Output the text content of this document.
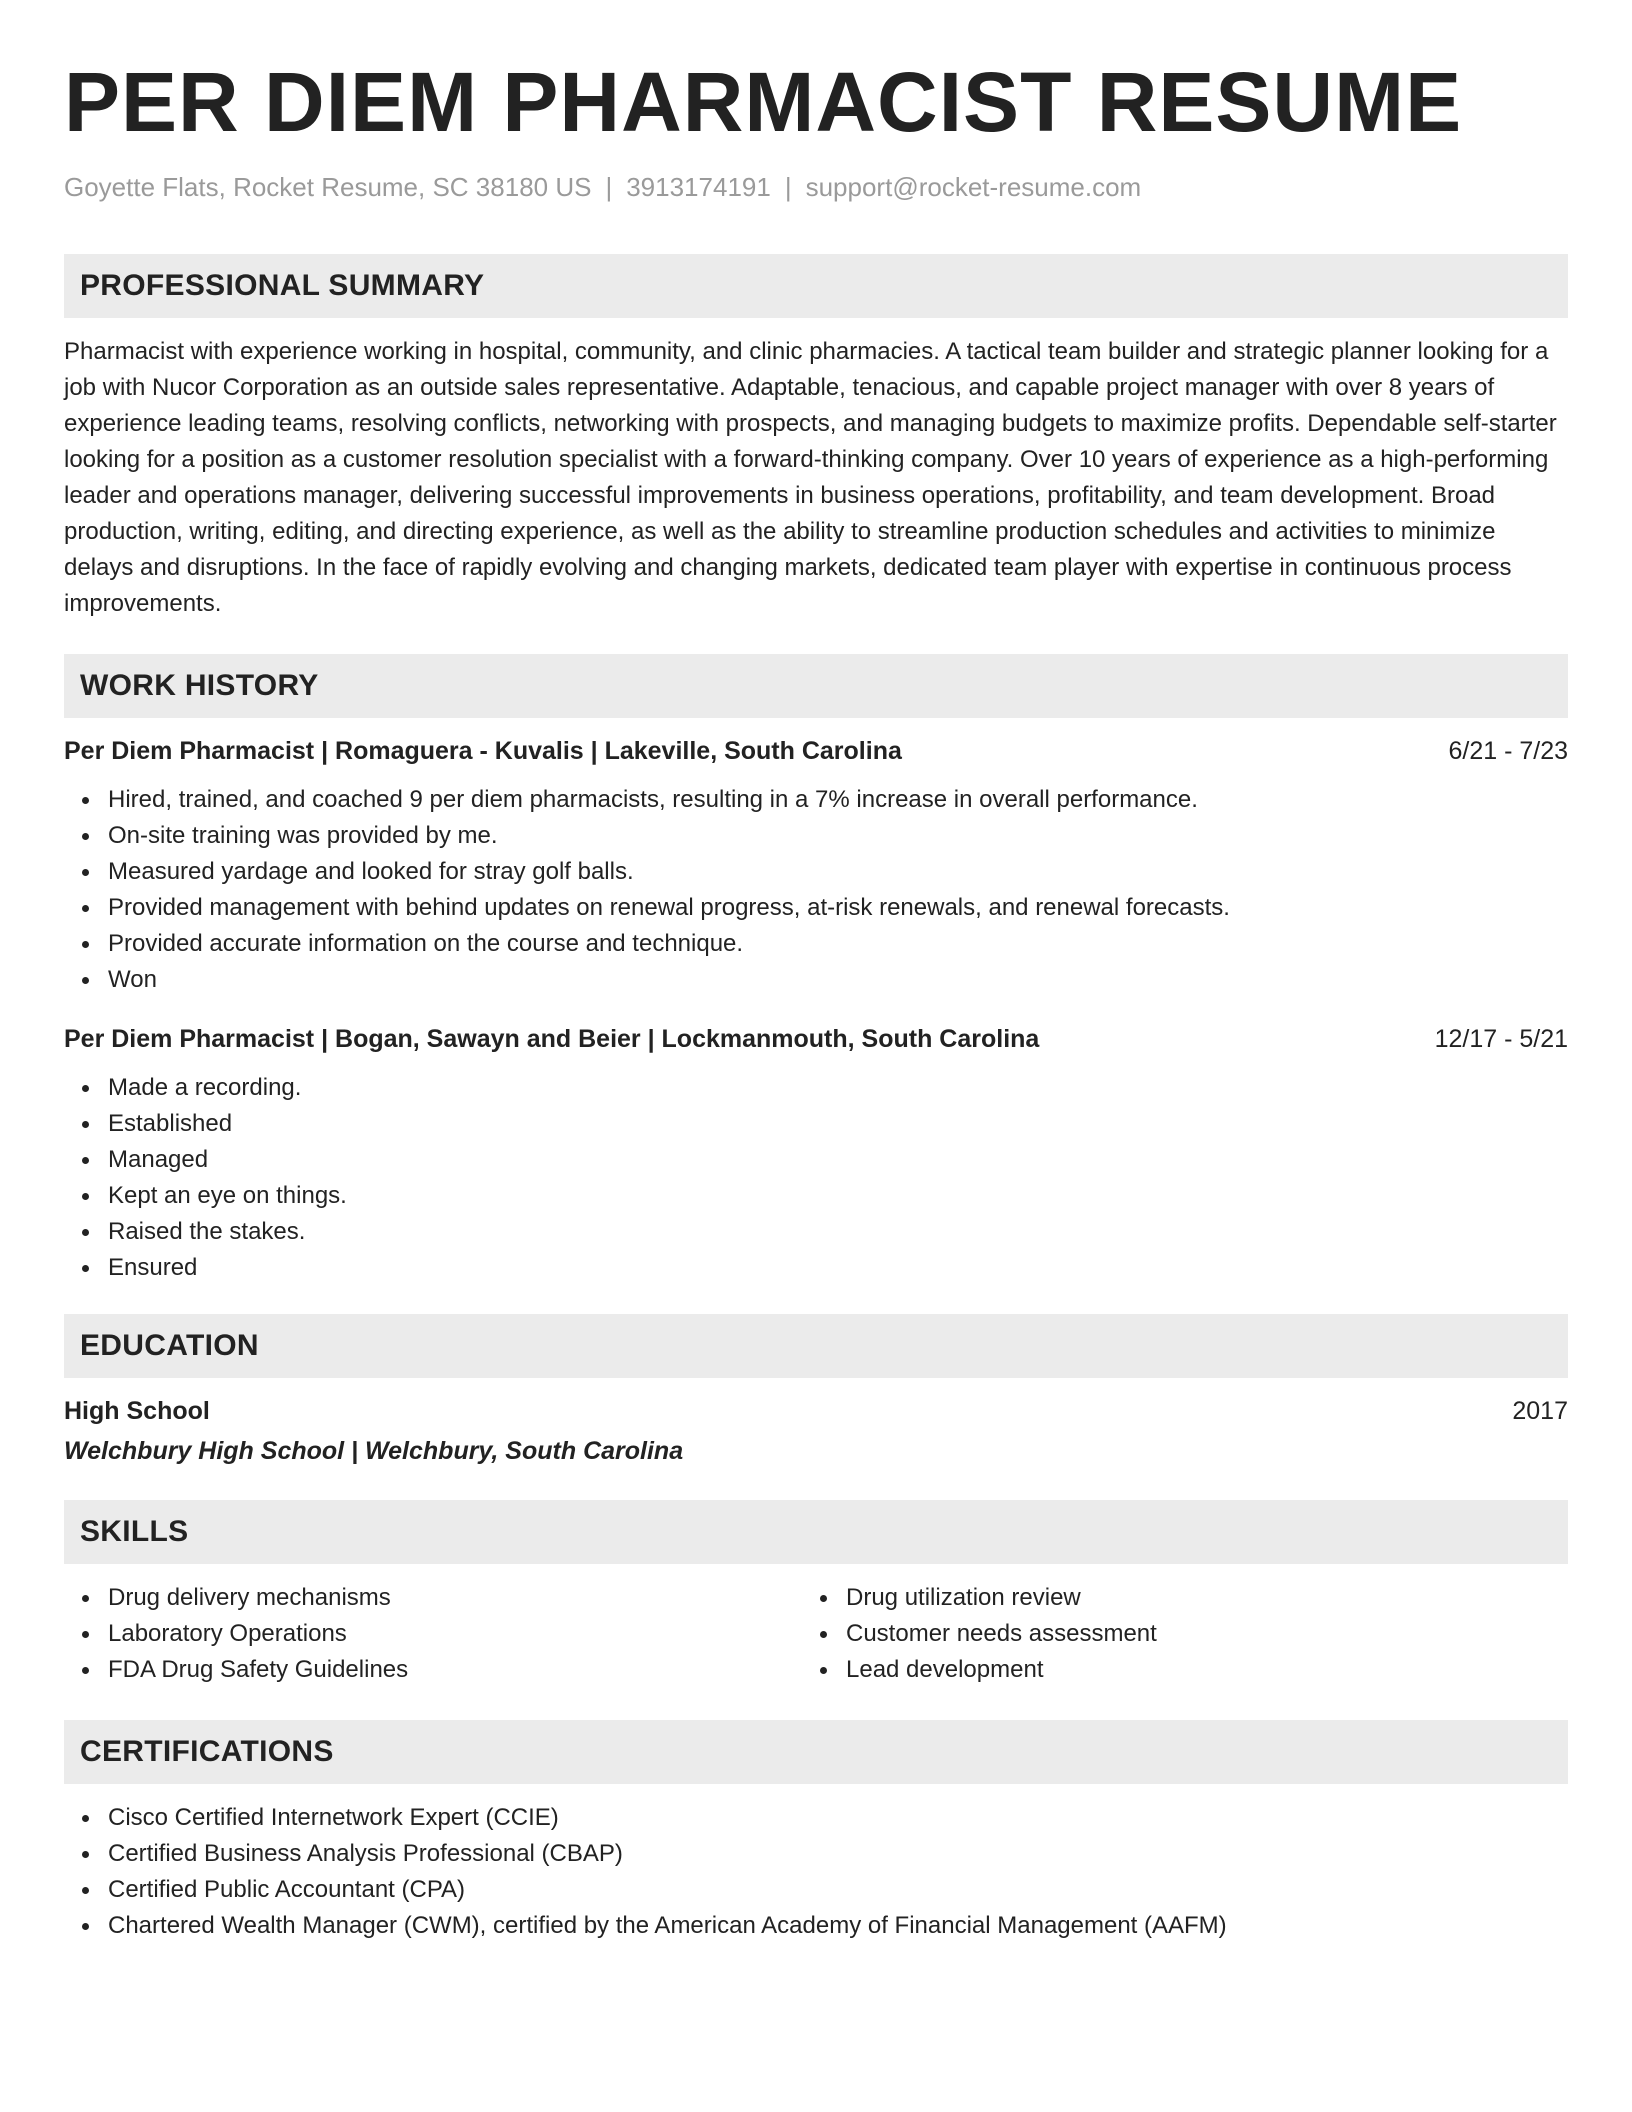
PER DIEM PHARMACIST RESUME
Goyette Flats, Rocket Resume, SC 38180 US | 3913174191 | support@rocket-resume.com
PROFESSIONAL SUMMARY

Pharmacist with experience working in hospital, community, and clinic pharmacies. A tactical team builder and strategic planner looking for a job with Nucor Corporation as an outside sales representative. Adaptable, tenacious, and capable project manager with over 8 years of experience leading teams, resolving conflicts, networking with prospects, and managing budgets to maximize profits. Dependable self-starter looking for a position as a customer resolution specialist with a forward-thinking company. Over 10 years of experience as a high-performing leader and operations manager, delivering successful improvements in business operations, profitability, and team development. Broad production, writing, editing, and directing experience, as well as the ability to streamline production schedules and activities to minimize delays and disruptions. In the face of rapidly evolving and changing markets, dedicated team player with expertise in continuous process improvements.

WORK HISTORY
Per Diem Pharmacist | Romaguera - Kuvalis | Lakeville, South Carolina	6/21 - 7/23
Hired, trained, and coached 9 per diem pharmacists, resulting in a 7% increase in overall performance.
On-site training was provided by me.
Measured yardage and looked for stray golf balls.
Provided management with behind updates on renewal progress, at-risk renewals, and renewal forecasts.
Provided accurate information on the course and technique.
Won
Per Diem Pharmacist | Bogan, Sawayn and Beier | Lockmanmouth, South Carolina	12/17 - 5/21
Made a recording.
Established
Managed
Kept an eye on things.
Raised the stakes.
Ensured
EDUCATION
High School	2017
Welchbury High School | Welchbury, South Carolina
SKILLS
Drug delivery mechanisms
Laboratory Operations
FDA Drug Safety Guidelines
Drug utilization review
Customer needs assessment
Lead development
CERTIFICATIONS
Cisco Certified Internetwork Expert (CCIE)
Certified Business Analysis Professional (CBAP)
Certified Public Accountant (CPA)
Chartered Wealth Manager (CWM), certified by the American Academy of Financial Management (AAFM)
